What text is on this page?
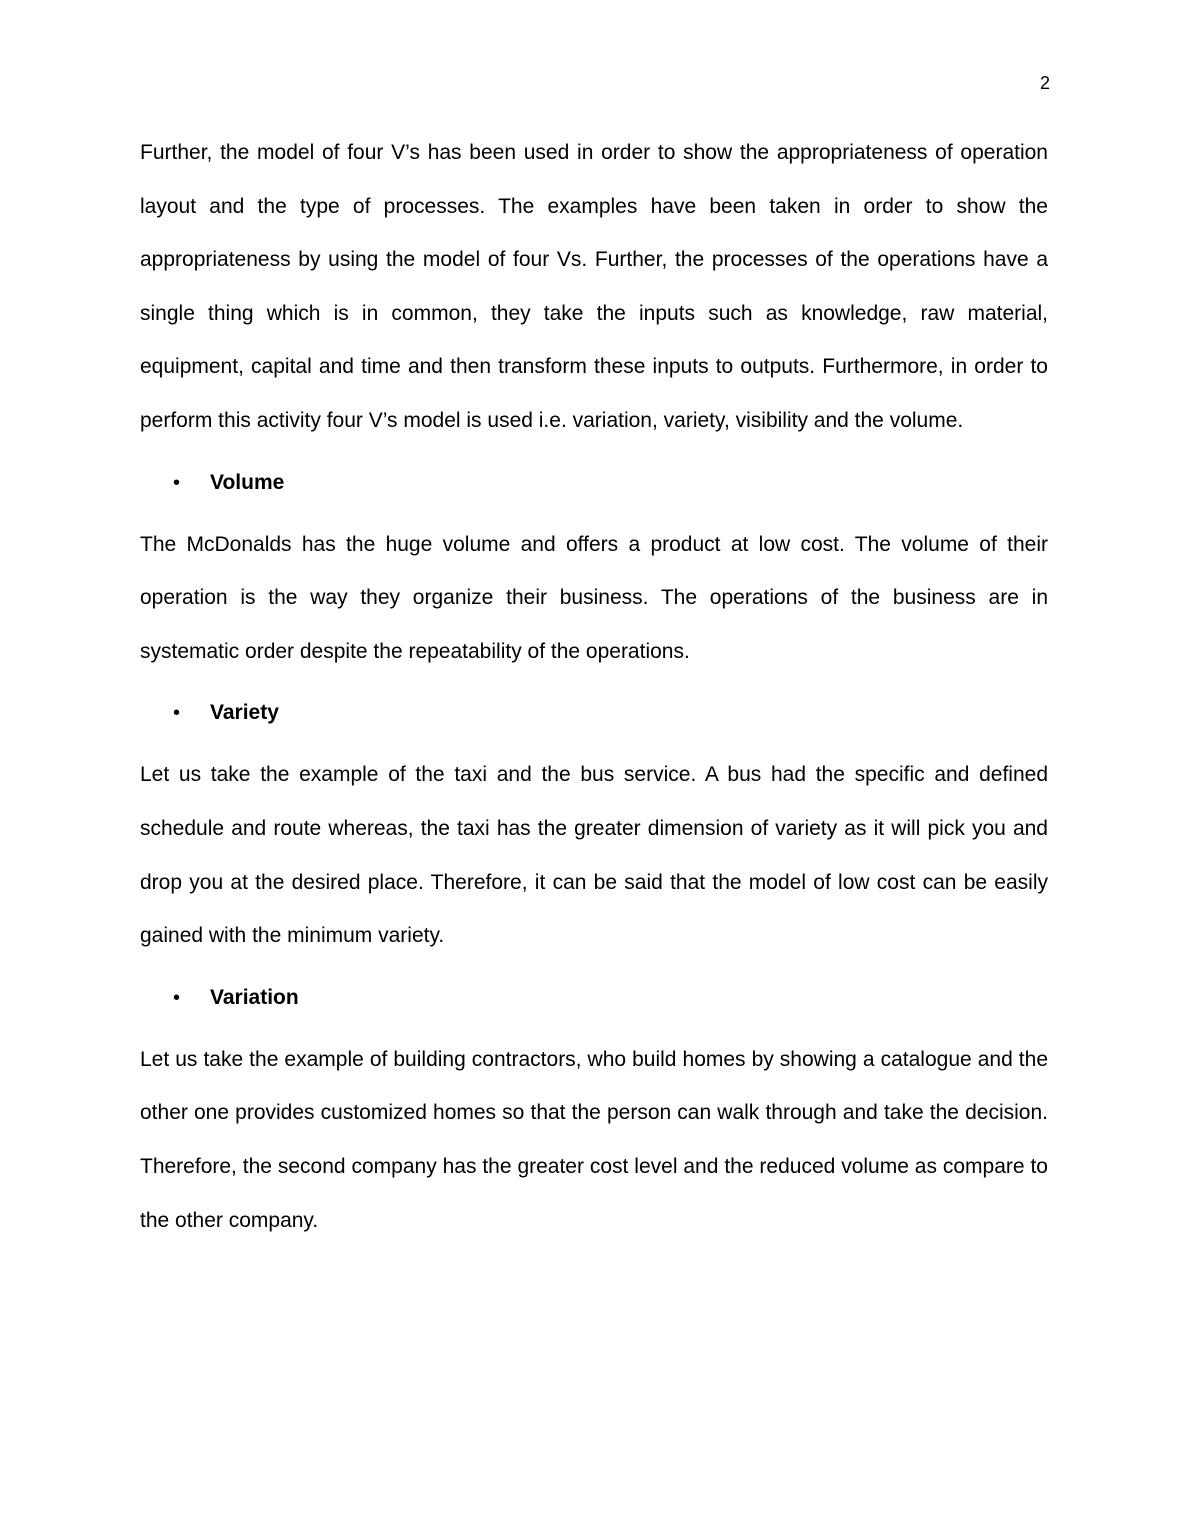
2

Further, the model of four V’s has been used in order to show the appropriateness of operation layout and the type of processes. The examples have been taken in order to show the appropriateness by using the model of four Vs. Further, the processes of the operations have a single thing which is in common, they take the inputs such as knowledge, raw material, equipment, capital and time and then transform these inputs to outputs. Furthermore, in order to perform this activity four V’s model is used i.e. variation, variety, visibility and the volume.

• Volume

The McDonalds has the huge volume and offers a product at low cost. The volume of their operation is the way they organize their business. The operations of the business are in systematic order despite the repeatability of the operations.

• Variety

Let us take the example of the taxi and the bus service. A bus had the specific and defined schedule and route whereas, the taxi has the greater dimension of variety as it will pick you and drop you at the desired place. Therefore, it can be said that the model of low cost can be easily gained with the minimum variety.

• Variation

Let us take the example of building contractors, who build homes by showing a catalogue and the other one provides customized homes so that the person can walk through and take the decision. Therefore, the second company has the greater cost level and the reduced volume as compare to the other company.
